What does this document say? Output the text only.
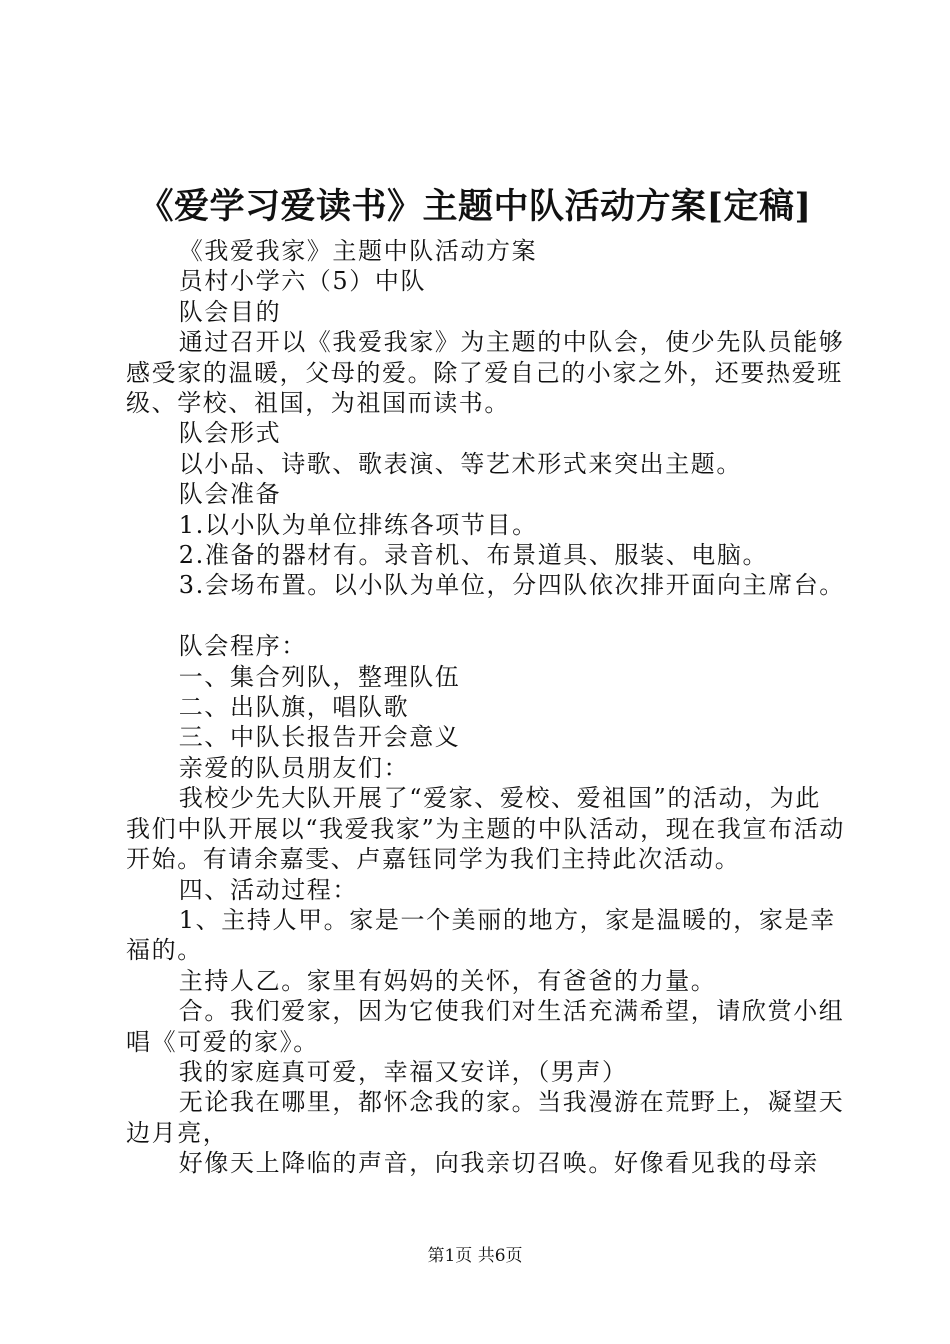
《爱学习爱读书》主题中队活动方案[定稿]

《我爱我家》主题中队活动方案

员村小学六（5）中队

队会目的

通过召开以《我爱我家》为主题的中队会，使少先队员能够感受家的温暖，父母的爱。除了爱自己的小家之外，还要热爱班级、学校、祖国，为祖国而读书。

队会形式

以小品、诗歌、歌表演、等艺术形式来突出主题。

队会准备

1.以小队为单位排练各项节目。

2.准备的器材有。录音机、布景道具、服装、电脑。

3.会场布置。以小队为单位，分四队依次排开面向主席台。

队会程序：

一、集合列队，整理队伍

二、出队旗，唱队歌

三、中队长报告开会意义

亲爱的队员朋友们：

我校少先大队开展了“爱家、爱校、爱祖国”的活动，为此我们中队开展以“我爱我家”为主题的中队活动，现在我宣布活动开始。有请余嘉雯、卢嘉钰同学为我们主持此次活动。

四、活动过程：

1、主持人甲。家是一个美丽的地方，家是温暖的，家是幸福的。

主持人乙。家里有妈妈的关怀，有爸爸的力量。

合。我们爱家，因为它使我们对生活充满希望，请欣赏小组唱《可爱的家》。

我的家庭真可爱，幸福又安详，（男声）

无论我在哪里，都怀念我的家。当我漫游在荒野上，凝望天边月亮，

好像天上降临的声音，向我亲切召唤。好像看见我的母亲

第1页 共6页
